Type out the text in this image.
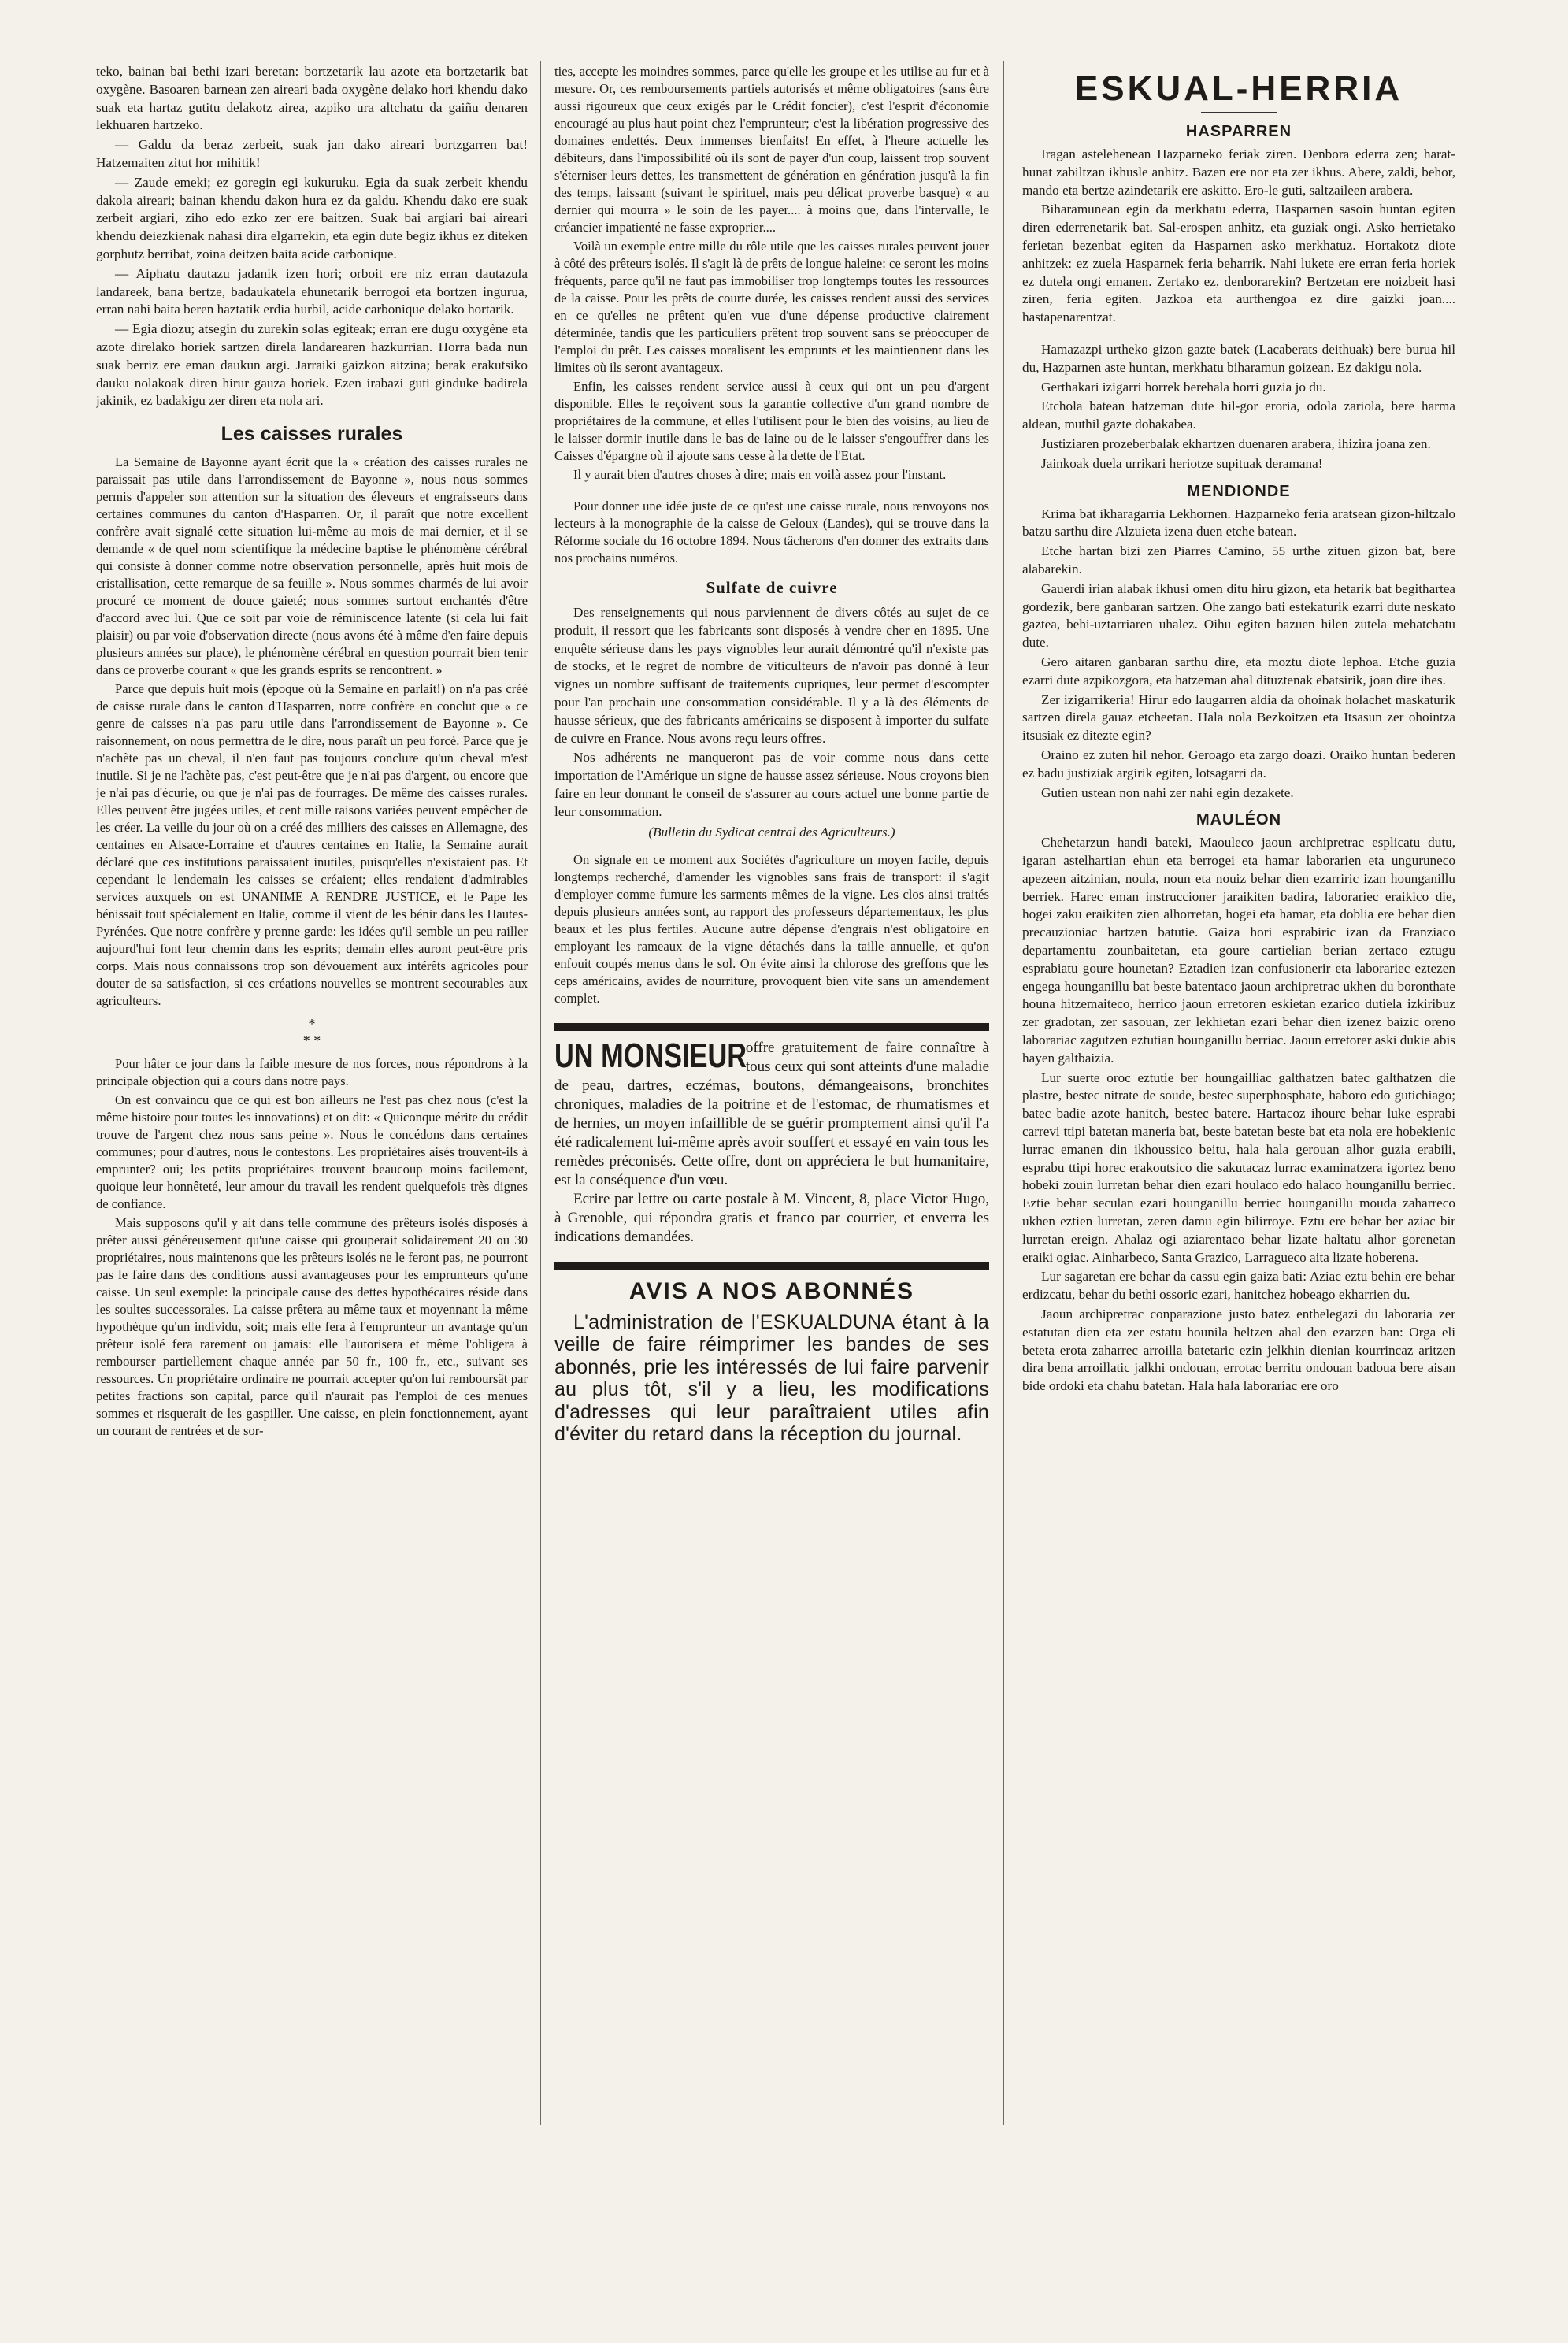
teko, bainan bai bethi izari beretan: bortzetarik lau azote eta bortzetarik bat oxygène. Basoaren barnean zen aireari bada oxygène delako hori khendu dako suak eta hartaz gutitu delakotz airea, azpiko ura altchatu da gaiñu denaren lekhuaren hartzeko.

— Galdu da beraz zerbeit, suak jan dako aireari bortzgarren bat! Hatzemaiten zitut hor mihitik!

— Zaude emeki; ez goregin egi kukuruku. Egia da suak zerbeit khendu dakola aireari; bainan khendu dakon hura ez da galdu. Khendu dako ere suak zerbeit argiari, ziho edo ezko zer ere baitzen. Suak bai argiari bai aireari khendu deiezkienak nahasi dira elgarrekin, eta egin dute begiz ikhus ez diteken gorphutz berribat, zoina deitzen baita acide carbonique.

— Aiphatu dautazu jadanik izen hori; orboit ere niz erran dautazula landareek, bana bertze, badaukatela ehunetarik berrogoi eta bortzen ingurua, erran nahi baita beren haztatik erdia hurbil, acide carbonique delako hortarik.

— Egia diozu; atsegin du zurekin solas egiteak; erran ere dugu oxygène eta azote direlako horiek sartzen direla landarearen hazkurrian. Horra bada nun suak berriz ere eman daukun argi. Jarraiki gaizkon aitzina; berak erakutsiko dauku nolakoak diren hirur gauza horiek. Ezen irabazi guti ginduke badirela jakinik, ez badakigu zer diren eta nola ari.

Les caisses rurales

La Semaine de Bayonne ayant écrit que la « création des caisses rurales ne paraissait pas utile dans l'arrondissement de Bayonne », nous nous sommes permis d'appeler son attention sur la situation des éleveurs et engraisseurs dans certaines communes du canton d'Hasparren. Or, il paraît que notre excellent confrère avait signalé cette situation lui-même au mois de mai dernier, et il se demande « de quel nom scientifique la médecine baptise le phénomène cérébral qui consiste à donner comme notre observation personnelle, après huit mois de cristallisation, cette remarque de sa feuille ». Nous sommes charmés de lui avoir procuré ce moment de douce gaieté; nous sommes surtout enchantés d'être d'accord avec lui. Que ce soit par voie de réminiscence latente (si cela lui fait plaisir) ou par voie d'observation directe (nous avons été à même d'en faire depuis plusieurs années sur place), le phénomène cérébral en question pourrait bien tenir dans ce proverbe courant « que les grands esprits se rencontrent. »

Parce que depuis huit mois (époque où la Semaine en parlait!) on n'a pas créé de caisse rurale dans le canton d'Hasparren, notre confrère en conclut que « ce genre de caisses n'a pas paru utile dans l'arrondissement de Bayonne ». Ce raisonnement, on nous permettra de le dire, nous paraît un peu forcé. Parce que je n'achète pas un cheval, il n'en faut pas toujours conclure qu'un cheval m'est inutile. Si je ne l'achète pas, c'est peut-être que je n'ai pas d'argent, ou encore que je n'ai pas d'écurie, ou que je n'ai pas de fourrages. De même des caisses rurales. Elles peuvent être jugées utiles, et cent mille raisons variées peuvent empêcher de les créer. La veille du jour où on a créé des milliers des caisses en Allemagne, des centaines en Alsace-Lorraine et d'autres centaines en Italie, la Semaine aurait déclaré que ces institutions paraissaient inutiles, puisqu'elles n'existaient pas. Et cependant le lendemain les caisses se créaient; elles rendaient d'admirables services auxquels on est UNANIME A RENDRE JUSTICE, et le Pape les bénissait tout spécialement en Italie, comme il vient de les bénir dans les Hautes-Pyrénées. Que notre confrère y prenne garde: les idées qu'il semble un peu railler aujourd'hui font leur chemin dans les esprits; demain elles auront peut-être pris corps. Mais nous connaissons trop son dévouement aux intérêts agricoles pour douter de sa satisfaction, si ces créations nouvelles se montrent secourables aux agriculteurs.

*
* *

Pour hâter ce jour dans la faible mesure de nos forces, nous répondrons à la principale objection qui a cours dans notre pays.

On est convaincu que ce qui est bon ailleurs ne l'est pas chez nous (c'est la même histoire pour toutes les innovations) et on dit: « Quiconque mérite du crédit trouve de l'argent chez nous sans peine ». Nous le concédons dans certaines communes; pour d'autres, nous le contestons. Les propriétaires aisés trouvent-ils à emprunter? oui; les petits propriétaires trouvent beaucoup moins facilement, quoique leur honnêteté, leur amour du travail les rendent quelquefois très dignes de confiance.

Mais supposons qu'il y ait dans telle commune des prêteurs isolés disposés à prêter aussi généreusement qu'une caisse qui grouperait solidairement 20 ou 30 propriétaires, nous maintenons que les prêteurs isolés ne le feront pas, ne pourront pas le faire dans des conditions aussi avantageuses pour les emprunteurs qu'une caisse. Un seul exemple: la principale cause des dettes hypothécaires réside dans les soultes successorales. La caisse prêtera au même taux et moyennant la même hypothèque qu'un individu, soit; mais elle fera à l'emprunteur un avantage qu'un prêteur isolé fera rarement ou jamais: elle l'autorisera et même l'obligera à rembourser partiellement chaque année par 50 fr., 100 fr., etc., suivant ses ressources. Un propriétaire ordinaire ne pourrait accepter qu'on lui remboursât par petites fractions son capital, parce qu'il n'aurait pas l'emploi de ces menues sommes et risquerait de les gaspiller. Une caisse, en plein fonctionnement, ayant un courant de rentrées et de sor-

ties, accepte les moindres sommes, parce qu'elle les groupe et les utilise au fur et à mesure. Or, ces remboursements partiels autorisés et même obligatoires (sans être aussi rigoureux que ceux exigés par le Crédit foncier), c'est l'esprit d'économie encouragé au plus haut point chez l'emprunteur; c'est la libération progressive des domaines endettés. Deux immenses bienfaits! En effet, à l'heure actuelle les débiteurs, dans l'impossibilité où ils sont de payer d'un coup, laissent trop souvent s'éterniser leurs dettes, les transmettent de génération en génération jusqu'à la fin des temps, laissant (suivant le spirituel, mais peu délicat proverbe basque) « au dernier qui mourra » le soin de les payer.... à moins que, dans l'intervalle, le créancier impatienté ne fasse exproprier....

Voilà un exemple entre mille du rôle utile que les caisses rurales peuvent jouer à côté des prêteurs isolés. Il s'agit là de prêts de longue haleine: ce seront les moins fréquents, parce qu'il ne faut pas immobiliser trop longtemps toutes les ressources de la caisse. Pour les prêts de courte durée, les caisses rendent aussi des services en ce qu'elles ne prêtent qu'en vue d'une dépense productive clairement déterminée, tandis que les particuliers prêtent trop souvent sans se préoccuper de l'emploi du prêt. Les caisses moralisent les emprunts et les maintiennent dans les limites où ils seront avantageux.

Enfin, les caisses rendent service aussi à ceux qui ont un peu d'argent disponible. Elles le reçoivent sous la garantie collective d'un grand nombre de propriétaires de la commune, et elles l'utilisent pour le bien des voisins, au lieu de le laisser dormir inutile dans le bas de laine ou de le laisser s'engouffrer dans les Caisses d'épargne où il ajoute sans cesse à la dette de l'Etat.

Il y aurait bien d'autres choses à dire; mais en voilà assez pour l'instant.

Pour donner une idée juste de ce qu'est une caisse rurale, nous renvoyons nos lecteurs à la monographie de la caisse de Geloux (Landes), qui se trouve dans la Réforme sociale du 16 octobre 1894. Nous tâcherons d'en donner des extraits dans nos prochains numéros.

Sulfate de cuivre

Des renseignements qui nous parviennent de divers côtés au sujet de ce produit, il ressort que les fabricants sont disposés à vendre cher en 1895. Une enquête sérieuse dans les pays vignobles leur aurait démontré qu'il n'existe pas de stocks, et le regret de nombre de viticulteurs de n'avoir pas donné à leur vignes un nombre suffisant de traitements cupriques, leur permet d'escompter pour l'an prochain une consommation considérable. Il y a là des éléments de hausse sérieux, que des fabricants américains se disposent à importer du sulfate de cuivre en France. Nous avons reçu leurs offres.

Nos adhérents ne manqueront pas de voir comme nous dans cette importation de l'Amérique un signe de hausse assez sérieuse. Nous croyons bien faire en leur donnant le conseil de s'assurer au cours actuel une bonne partie de leur consommation.

(Bulletin du Sydicat central des Agriculteurs.)

On signale en ce moment aux Sociétés d'agriculture un moyen facile, depuis longtemps recherché, d'amender les vignobles sans frais de transport: il s'agit d'employer comme fumure les sarments mêmes de la vigne. Les clos ainsi traités depuis plusieurs années sont, au rapport des professeurs départementaux, les plus beaux et les plus fertiles. Aucune autre dépense d'engrais n'est obligatoire en employant les rameaux de la vigne détachés dans la taille annuelle, et qu'on enfouit coupés menus dans le sol. On évite ainsi la chlorose des greffons que les ceps américains, avides de nourriture, provoquent bien vite sans un amendement complet.

UN MONSIEUR

offre gratuitement de faire connaître à tous ceux qui sont atteints d'une maladie de peau, dartres, eczémas, boutons, démangeaisons, bronchites chroniques, maladies de la poitrine et de l'estomac, de rhumatismes et de hernies, un moyen infaillible de se guérir promptement ainsi qu'il l'a été radicalement lui-même après avoir souffert et essayé en vain tous les remèdes préconisés. Cette offre, dont on appréciera le but humanitaire, est la conséquence d'un vœu.

Ecrire par lettre ou carte postale à M. Vincent, 8, place Victor Hugo, à Grenoble, qui répondra gratis et franco par courrier, et enverra les indications demandées.

AVIS A NOS ABONNÉS

L'administration de l'ESKUALDUNA étant à la veille de faire réimprimer les bandes de ses abonnés, prie les intéressés de lui faire parvenir au plus tôt, s'il y a lieu, les modifications d'adresses qui leur paraîtraient utiles afin d'éviter du retard dans la réception du journal.

ESKUAL-HERRIA
HASPARREN

Iragan astelehenean Hazparneko feriak ziren. Denbora ederra zen; harat-hunat zabiltzan ikhusle anhitz. Bazen ere nor eta zer ikhus. Abere, zaldi, behor, mando eta bertze azindetarik ere askitto. Ero-le guti, saltzaileen arabera.

Biharamunean egin da merkhatu ederra, Hasparnen sasoin huntan egiten diren ederrenetarik bat. Sal-erospen anhitz, eta guziak ongi. Asko herrietako ferietan bezenbat egiten da Hasparnen asko merkhatuz. Hortakotz diote anhitzek: ez zuela Hasparnek feria beharrik. Nahi lukete ere erran feria horiek ez dutela ongi emanen. Zertako ez, denborarekin? Bertzetan ere noizbeit hasi ziren, feria egiten. Jazkoa eta aurthengoa ez dire gaizki joan.... hastapenarentzat.

Hamazazpi urtheko gizon gazte batek (Lacaberats deithuak) bere burua hil du, Hazparnen aste huntan, merkhatu biharamun goizean. Ez dakigu nola.

Gerthakari izigarri horrek berehala horri guzia jo du.

Etchola batean hatzeman dute hil-gor eroria, odola zariola, bere harma aldean, muthil gazte dohakabea.

Justiziaren prozeberbalak ekhartzen duenaren arabera, ihizira joana zen.

Jainkoak duela urrikari heriotze supituak deramana!

MENDIONDE

Krima bat ikharagarria Lekhornen. Hazparneko feria aratsean gizon-hiltzalo batzu sarthu dire Alzuieta izena duen etche batean.

Etche hartan bizi zen Piarres Camino, 55 urthe zituen gizon bat, bere alabarekin.

Gauerdi irian alabak ikhusi omen ditu hiru gizon, eta hetarik bat begithartea gordezik, bere ganbaran sartzen. Ohe zango bati estekaturik ezarri dute neskato gaztea, behi-uztarriaren uhalez. Oihu egiten bazuen hilen zutela mehatchatu dute.

Gero aitaren ganbaran sarthu dire, eta moztu diote lephoa. Etche guzia ezarri dute azpikozgora, eta hatzeman ahal dituztenak ebatsirik, joan dire ihes.

Zer izigarrikeria! Hirur edo laugarren aldia da ohoinak holachet maskaturik sartzen direla gauaz etcheetan. Hala nola Bezkoitzen eta Itsasun zer ohointza itsusiak ez ditezte egin?

Oraino ez zuten hil nehor. Geroago eta zargo doazi. Oraiko huntan bederen ez badu justiziak argirik egiten, lotsagarri da.

Gutien ustean non nahi zer nahi egin dezakete.

MAULÉON

Chehetarzun handi bateki, Maouleco jaoun archipretrac esplicatu dutu, igaran astelhartian ehun eta berrogei eta hamar laborarien eta unguruneco apezeen aitzinian, noula, noun eta nouiz behar dien ezarriric izan hounganillu berriek. Harec eman instruccioner jaraikiten badira, laborariec eraikico die, hogei zaku eraikiten zien alhorretan, hogei eta hamar, eta doblia ere behar dien precauzioniac hartzen batutie. Gaiza hori esprabiric izan da Franziaco departamentu zounbaitetan, eta goure cartielian berian zertaco eztugu esprabiatu goure hounetan? Eztadien izan confusionerir eta laborariec eztezen engega hounganillu bat beste batentaco jaoun archipretrac ukhen du boronthate houna hitzemaiteco, herrico jaoun erretoren eskietan ezarico dutiela izkiribuz zer gradotan, zer sasouan, zer lekhietan ezari behar dien izenez baizic oreno laborariac zagutzen eztutian hounganillu berriac. Jaoun erretorer aski dukie abis hayen galtbaizia.

Lur suerte oroc eztutie ber houngailliac galthatzen batec galthatzen die plastre, bestec nitrate de soude, bestec superphosphate, haboro edo gutichiago; batec badie azote hanitch, bestec batere. Hartacoz ihourc behar luke esprabi carrevi ttipi batetan maneria bat, beste batetan beste bat eta nola ere hobekienic lurrac emanen din ikhoussico beitu, hala hala gerouan alhor guzia erabili, esprabu ttipi horec erakoutsico die sakutacaz lurrac examinatzera igortez beno hobeki zouin lurretan behar dien ezari houlaco edo halaco hounganillu berriec. Eztie behar seculan ezari hounganillu berriec hounganillu mouda zaharreco ukhen eztien lurretan, zeren damu egin bilirroye. Eztu ere behar ber aziac bir lurretan ereign. Ahalaz ogi aziarentaco behar lizate haltatu alhor gorenetan eraiki ogiac. Ainharbeco, Santa Grazico, Larragueco aita lizate hoberena.

Lur sagaretan ere behar da cassu egin gaiza bati: Aziac eztu behin ere behar erdizcatu, behar du bethi ossoric ezari, hanitchez hobeago ekharrien du.

Jaoun archipretrac conparazione justo batez enthelegazi du laboraria zer estatutan dien eta zer estatu hounila heltzen ahal den ezarzen ban: Orga eli beteta erota zaharrec arroilla batetaric ezin jelkhin dienian kourrincaz aritzen dira bena arroillatic jalkhi ondouan, errotac berritu ondouan badoua bere aisan bide ordoki eta chahu batetan. Hala hala laboraríac ere oro
